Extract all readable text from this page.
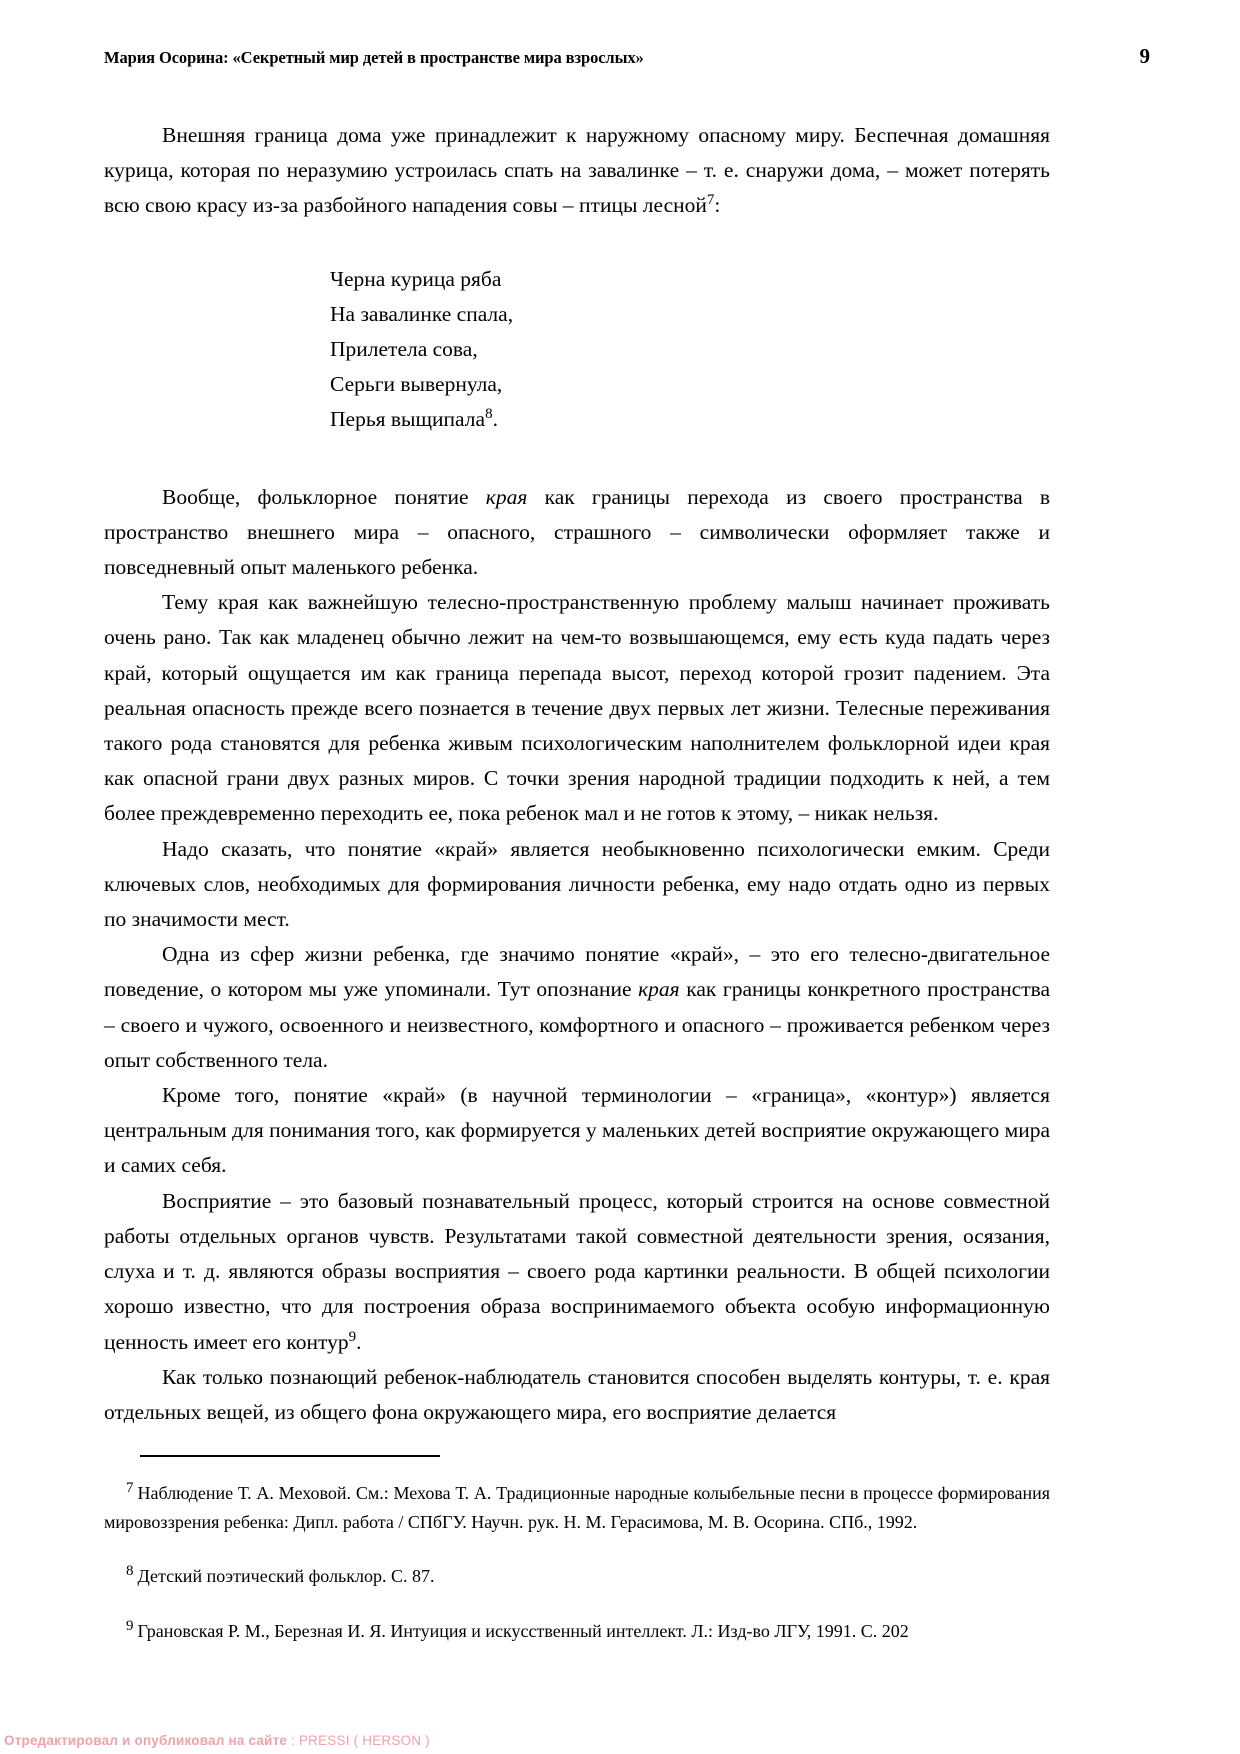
Мария Осорина: «Секретный мир детей в пространстве мира взрослых»	9

Внешняя граница дома уже принадлежит к наружному опасному миру. Беспечная домашняя курица, которая по неразумию устроилась спать на завалинке – т. е. снаружи дома, – может потерять всю свою красу из-за разбойного нападения совы – птицы лесной$^7$:

Черна курица ряба
На завалинке спала,
Прилетела сова,
Серьги вывернула,
Перья выщипала$^8$.

Вообще, фольклорное понятие края как границы перехода из своего пространства в пространство внешнего мира – опасного, страшного – символически оформляет также и повседневный опыт маленького ребенка.

Тему края как важнейшую телесно-пространственную проблему малыш начинает проживать очень рано. Так как младенец обычно лежит на чем-то возвышающемся, ему есть куда падать через край, который ощущается им как граница перепада высот, переход которой грозит падением. Эта реальная опасность прежде всего познается в течение двух первых лет жизни. Телесные переживания такого рода становятся для ребенка живым психологическим наполнителем фольклорной идеи края как опасной грани двух разных миров. С точки зрения народной традиции подходить к ней, а тем более преждевременно переходить ее, пока ребенок мал и не готов к этому, – никак нельзя.

Надо сказать, что понятие «край» является необыкновенно психологически емким. Среди ключевых слов, необходимых для формирования личности ребенка, ему надо отдать одно из первых по значимости мест.

Одна из сфер жизни ребенка, где значимо понятие «край», – это его телесно-двигательное поведение, о котором мы уже упоминали. Тут опознание края как границы конкретного пространства – своего и чужого, освоенного и неизвестного, комфортного и опасного – проживается ребенком через опыт собственного тела.

Кроме того, понятие «край» (в научной терминологии – «граница», «контур») является центральным для понимания того, как формируется у маленьких детей восприятие окружающего мира и самих себя.

Восприятие – это базовый познавательный процесс, который строится на основе совместной работы отдельных органов чувств. Результатами такой совместной деятельности зрения, осязания, слуха и т. д. являются образы восприятия – своего рода картинки реальности. В общей психологии хорошо известно, что для построения образа воспринимаемого объекта особую информационную ценность имеет его контур$^9$.

Как только познающий ребенок-наблюдатель становится способен выделять контуры, т. е. края отдельных вещей, из общего фона окружающего мира, его восприятие делается

$^7$ Наблюдение Т. А. Меховой. См.: Мехова Т. А. Традиционные народные колыбельные песни в процессе формирования мировоззрения ребенка: Дипл. работа / СПбГУ. Научн. рук. Н. М. Герасимова, М. В. Осорина. СПб., 1992.

$^8$ Детский поэтический фольклор. С. 87.

$^9$ Грановская Р. М., Березная И. Я. Интуиция и искусственный интеллект. Л.: Изд-во ЛГУ, 1991. С. 202

Отредактировал и опубликовал на сайте : PRESSI ( HERSON )
